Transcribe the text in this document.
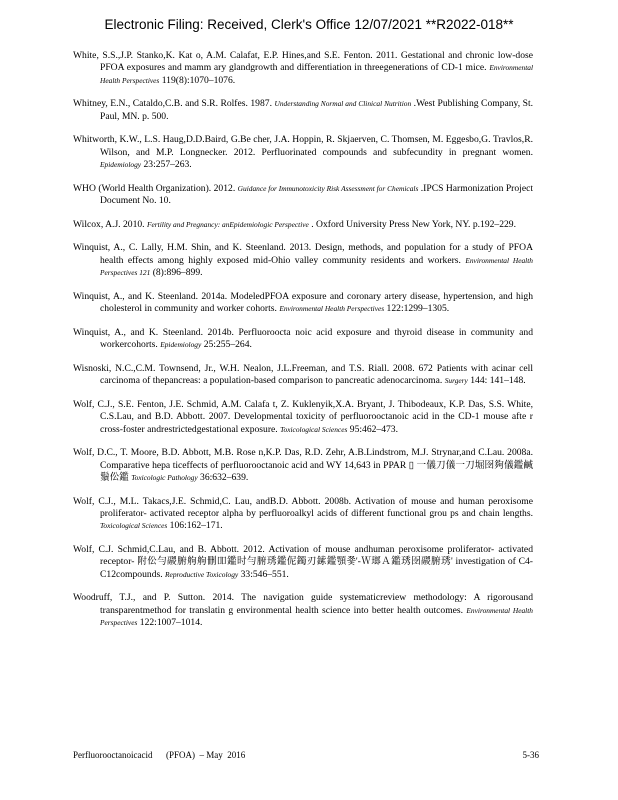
Electronic Filing: Received, Clerk's Office 12/07/2021 **R2022-018**
White, S.S.,J.P. Stanko,K. Kat o, A.M. Calafat, E.P. Hines,and S.E. Fenton. 2011. Gestational and chronic low-dose PFOA exposures and mamm ary glandgrowth and differentiation in threegenerations of CD-1 mice. Environmental Health Perspectives 119(8):1070–1076.
Whitney, E.N., Cataldo,C.B. and S.R. Rolfes. 1987. Understanding Normal and Clinical Nutrition .West Publishing Company, St. Paul, MN. p. 500.
Whitworth, K.W., L.S. Haug,D.D.Baird, G.Be cher, J.A. Hoppin, R. Skjaerven, C. Thomsen, M. Eggesbo,G. Travlos,R. Wilson, and M.P. Longnecker. 2012. Perfluorinated compounds and subfecundity in pregnant women. Epidemiology 23:257–263.
WHO (World Health Organization). 2012. Guidance for Immunotoxicity Risk Assessment for Chemicals .IPCS Harmonization Project Document No. 10.
Wilcox, A.J. 2010. Fertility and Pregnancy: anEpidemiologic Perspective . Oxford University Press New York, NY. p.192–229.
Winquist, A., C. Lally, H.M. Shin, and K. Steenland. 2013. Design, methods, and population for a study of PFOA health effects among highly exposed mid-Ohio valley community residents and workers. Environmental Health Perspectives 121 (8):896–899.
Winquist, A., and K. Steenland. 2014a. ModeledPFOA exposure and coronary artery disease, hypertension, and high cholesterol in community and worker cohorts. Environmental Health Perspectives 122:1299–1305.
Winquist, A., and K. Steenland. 2014b. Perfluoroocta noic acid exposure and thyroid disease in community and workercohorts. Epidemiology 25:255–264.
Wisnoski, N.C.,C.M. Townsend, Jr., W.H. Nealon, J.L.Freeman, and T.S. Riall. 2008. 672 Patients with acinar cell carcinoma of thepancreas: a population-based comparison to pancreatic adenocarcinoma. Surgery 144: 141–148.
Wolf, C.J., S.E. Fenton, J.E. Schmid, A.M. Calafa t, Z. Kuklenyik,X.A. Bryant, J. Thibodeaux, K.P. Das, S.S. White, C.S.Lau, and B.D. Abbott. 2007. Developmental toxicity of perfluorooctanoic acid in the CD-1 mouse afte r cross-foster andrestrictedgestational exposure. Toxicological Sciences 95:462–473.
Wolf, D.C., T. Moore, B.D. Abbott, M.B. Rose n,K.P. Das, R.D. Zehr, A.B.Lindstrom, M.J. Strynar,and C.Lau. 2008a. Comparative hepa ticeffects of perfluorooctanoic acid and WY 14,643 in PPAR ▯ 一儀刀儀一刀堀囹夠儀鑑鹹鬚伀鑑 Toxicologic Pathology 36:632–639.
Wolf, C.J., M.L. Takacs,J.E. Schmid,C. Lau, andB.D. Abbott. 2008b. Activation of mouse and human peroxisome proliferator- activated receptor alpha by perfluoroalkyl acids of different functional grou ps and chain lengths. Toxicological Sciences 106:162–171.
Wolf, C.J. Schmid,C.Lau, and B. Abbott. 2012. Activation of mouse andhuman peroxisome proliferator- activated receptor- 附伀勻鬷腑䑦䑦刪吅鑑时勻腑琇鑑伲鐲刃鎍鑑顎쭃'-Ｗ瑯Ａ鑑琇囹鬷腑琇' investigation of C4-C12compounds. Reproductive Toxicology 33:546–551.
Woodruff, T.J., and P. Sutton. 2014. The navigation guide systematicreview methodology: A rigorousand transparentmethod for translatin g environmental health science into better health outcomes. Environmental Health Perspectives 122:1007–1014.
Perfluorooctanoicacid      (PFOA)  – May  2016	5-36
